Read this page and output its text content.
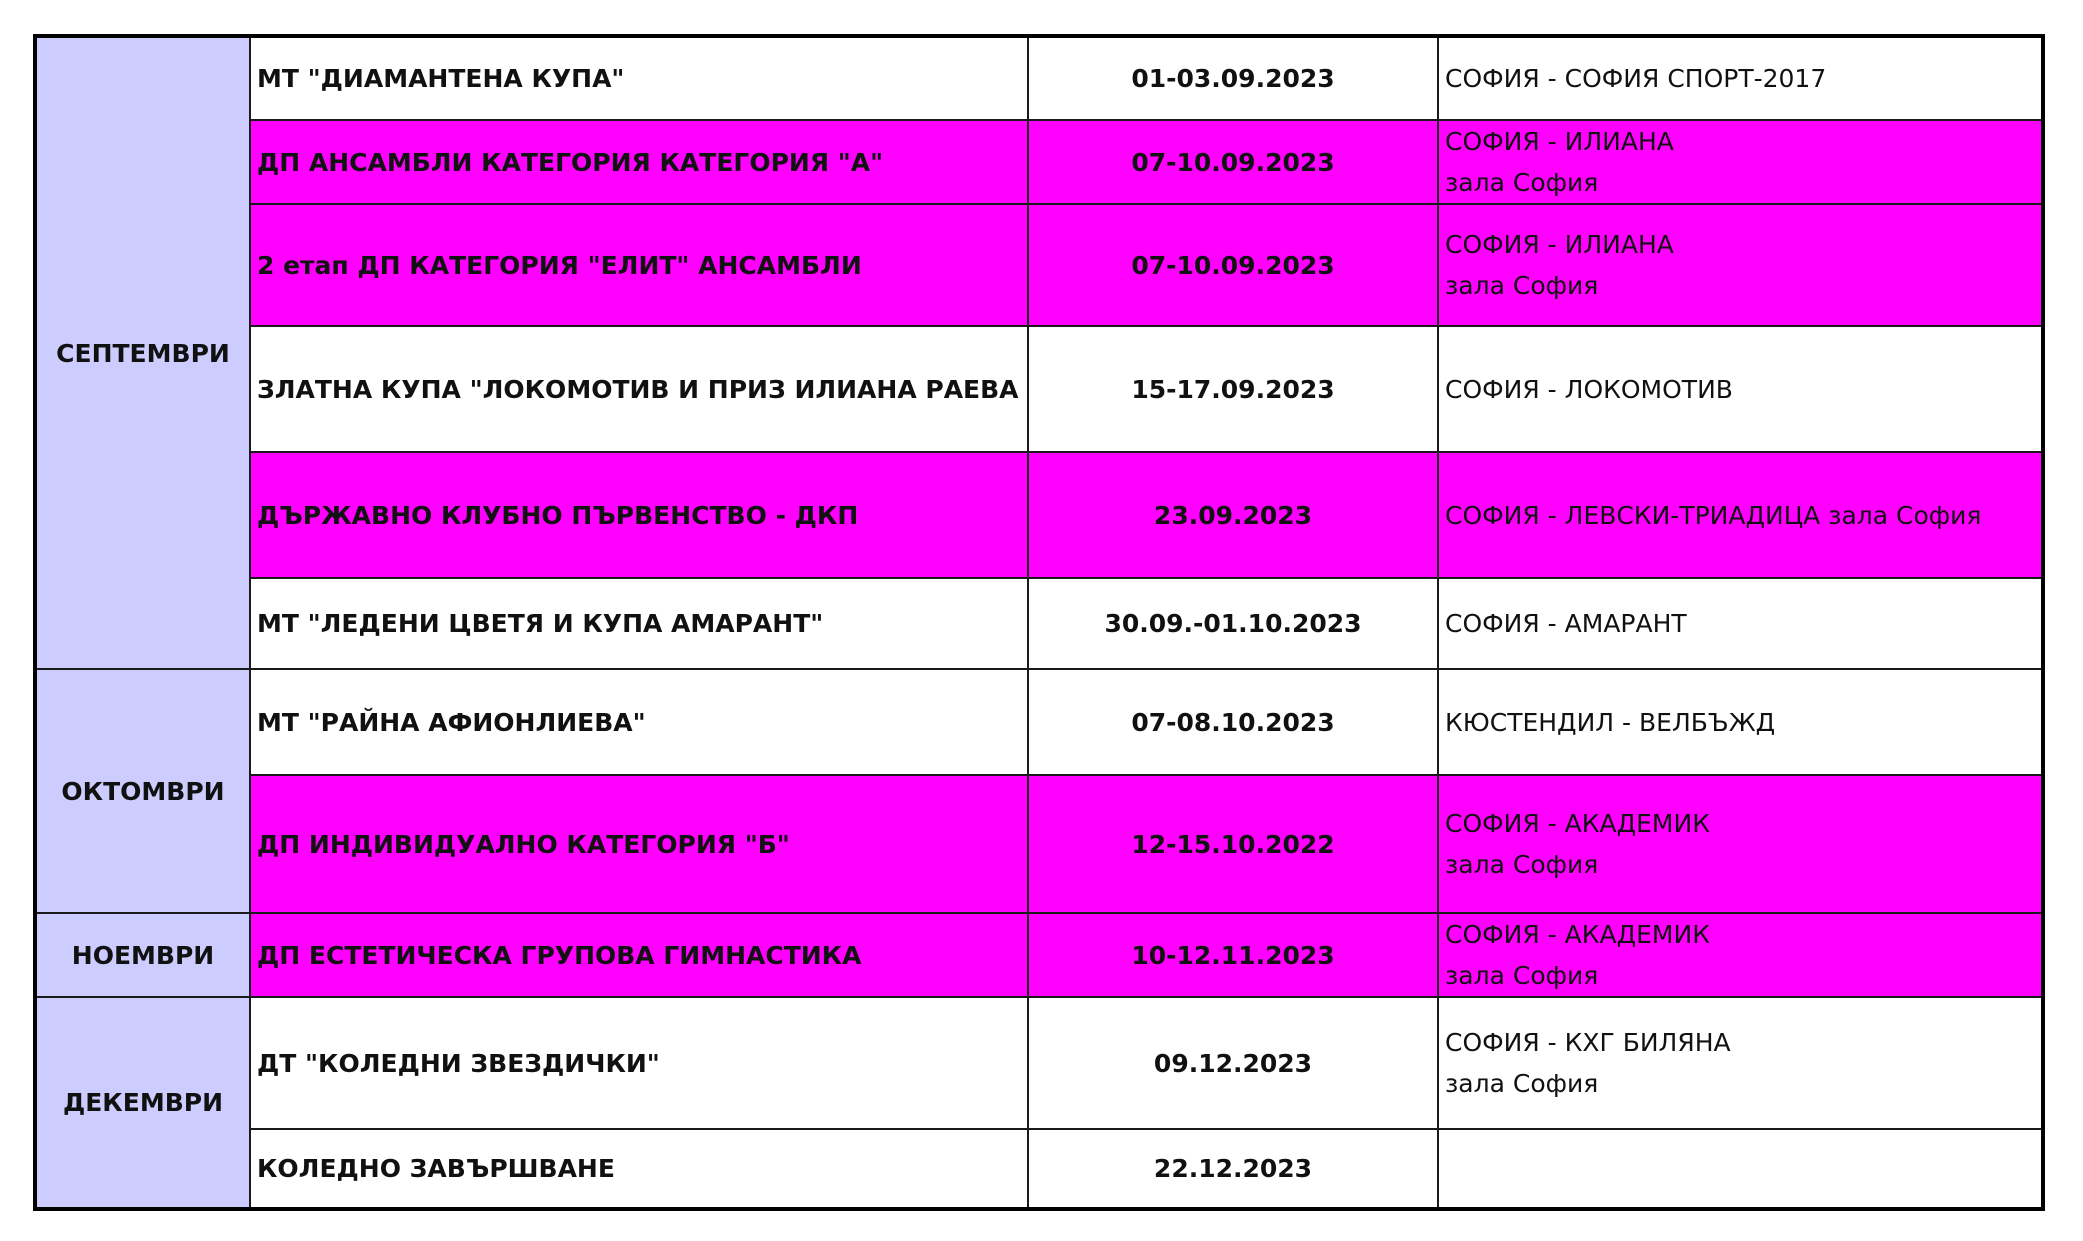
СЕПТЕМВРИ	МТ "ДИАМАНТЕНА КУПА"	01-03.09.2023	СОФИЯ - СОФИЯ СПОРТ-2017

	ДП АНСАМБЛИ КАТЕГОРИЯ КАТЕГОРИЯ "А"	07-10.09.2023	СОФИЯ - ИЛИАНА
зала София

	2 етап ДП КАТЕГОРИЯ "ЕЛИТ" АНСАМБЛИ	07-10.09.2023	СОФИЯ - ИЛИАНА
зала София

	ЗЛАТНА КУПА "ЛОКОМОТИВ И ПРИЗ ИЛИАНА РАЕВА	15-17.09.2023	СОФИЯ - ЛОКОМОТИВ

	ДЪРЖАВНО КЛУБНО ПЪРВЕНСТВО - ДКП	23.09.2023	СОФИЯ - ЛЕВСКИ-ТРИАДИЦА зала София

	МТ "ЛЕДЕНИ ЦВЕТЯ И КУПА АМАРАНТ"	30.09.-01.10.2023	СОФИЯ - АМАРАНТ

ОКТОМВРИ	МТ "РАЙНА АФИОНЛИЕВА"	07-08.10.2023	КЮСТЕНДИЛ - ВЕЛБЪЖД

	ДП ИНДИВИДУАЛНО КАТЕГОРИЯ "Б"	12-15.10.2022	СОФИЯ - АКАДЕМИК
зала София

НОЕМВРИ	ДП ЕСТЕТИЧЕСКА ГРУПОВА ГИМНАСТИКА	10-12.11.2023	СОФИЯ - АКАДЕМИК
зала София

ДЕКЕМВРИ	ДТ "КОЛЕДНИ ЗВЕЗДИЧКИ"	09.12.2023	СОФИЯ - КХГ БИЛЯНА
зала София

	КОЛЕДНО ЗАВЪРШВАНЕ	22.12.2023	
